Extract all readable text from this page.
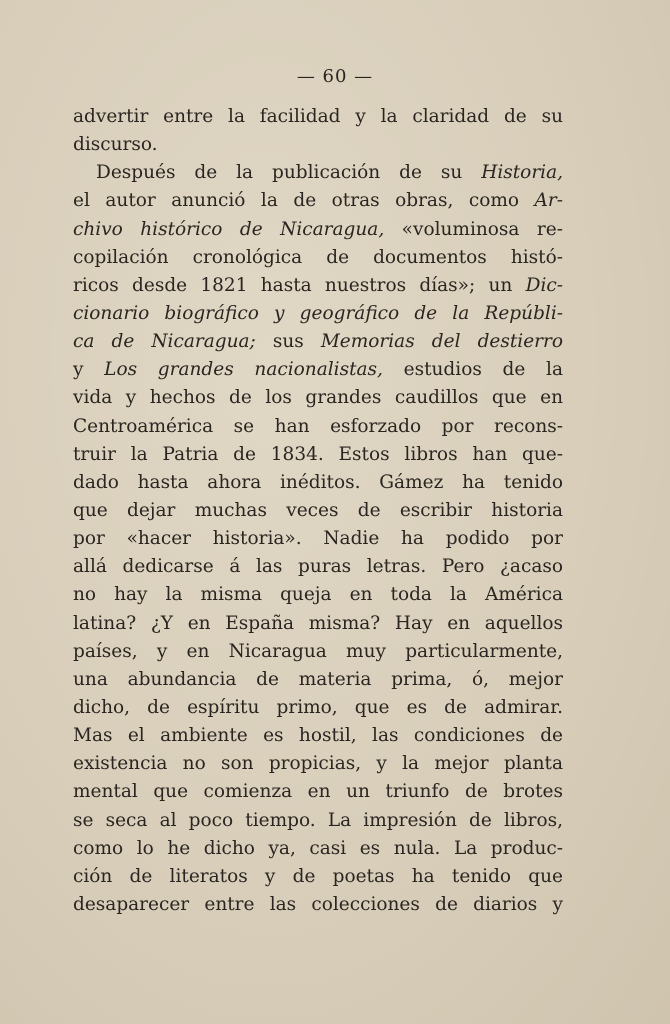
— 60 —
advertir entre la facilidad y la claridad de su
discurso.
Después de la publicación de su Historia,
el autor anunció la de otras obras, como Ar-
chivo histórico de Nicaragua, «voluminosa re-
copilación cronológica de documentos histó-
ricos desde 1821 hasta nuestros días»; un Dic-
cionario biográfico y geográfico de la Repúbli-
ca de Nicaragua; sus Memorias del destierro
y Los grandes nacionalistas, estudios de la
vida y hechos de los grandes caudillos que en
Centroamérica se han esforzado por recons-
truir la Patria de 1834. Estos libros han que-
dado hasta ahora inéditos. Gámez ha tenido
que dejar muchas veces de escribir historia
por «hacer historia». Nadie ha podido por
allá dedicarse á las puras letras. Pero ¿acaso
no hay la misma queja en toda la América
latina? ¿Y en España misma? Hay en aquellos
países, y en Nicaragua muy particularmente,
una abundancia de materia prima, ó, mejor
dicho, de espíritu primo, que es de admirar.
Mas el ambiente es hostil, las condiciones de
existencia no son propicias, y la mejor planta
mental que comienza en un triunfo de brotes
se seca al poco tiempo. La impresión de libros,
como lo he dicho ya, casi es nula. La produc-
ción de literatos y de poetas ha tenido que
desaparecer entre las colecciones de diarios y
